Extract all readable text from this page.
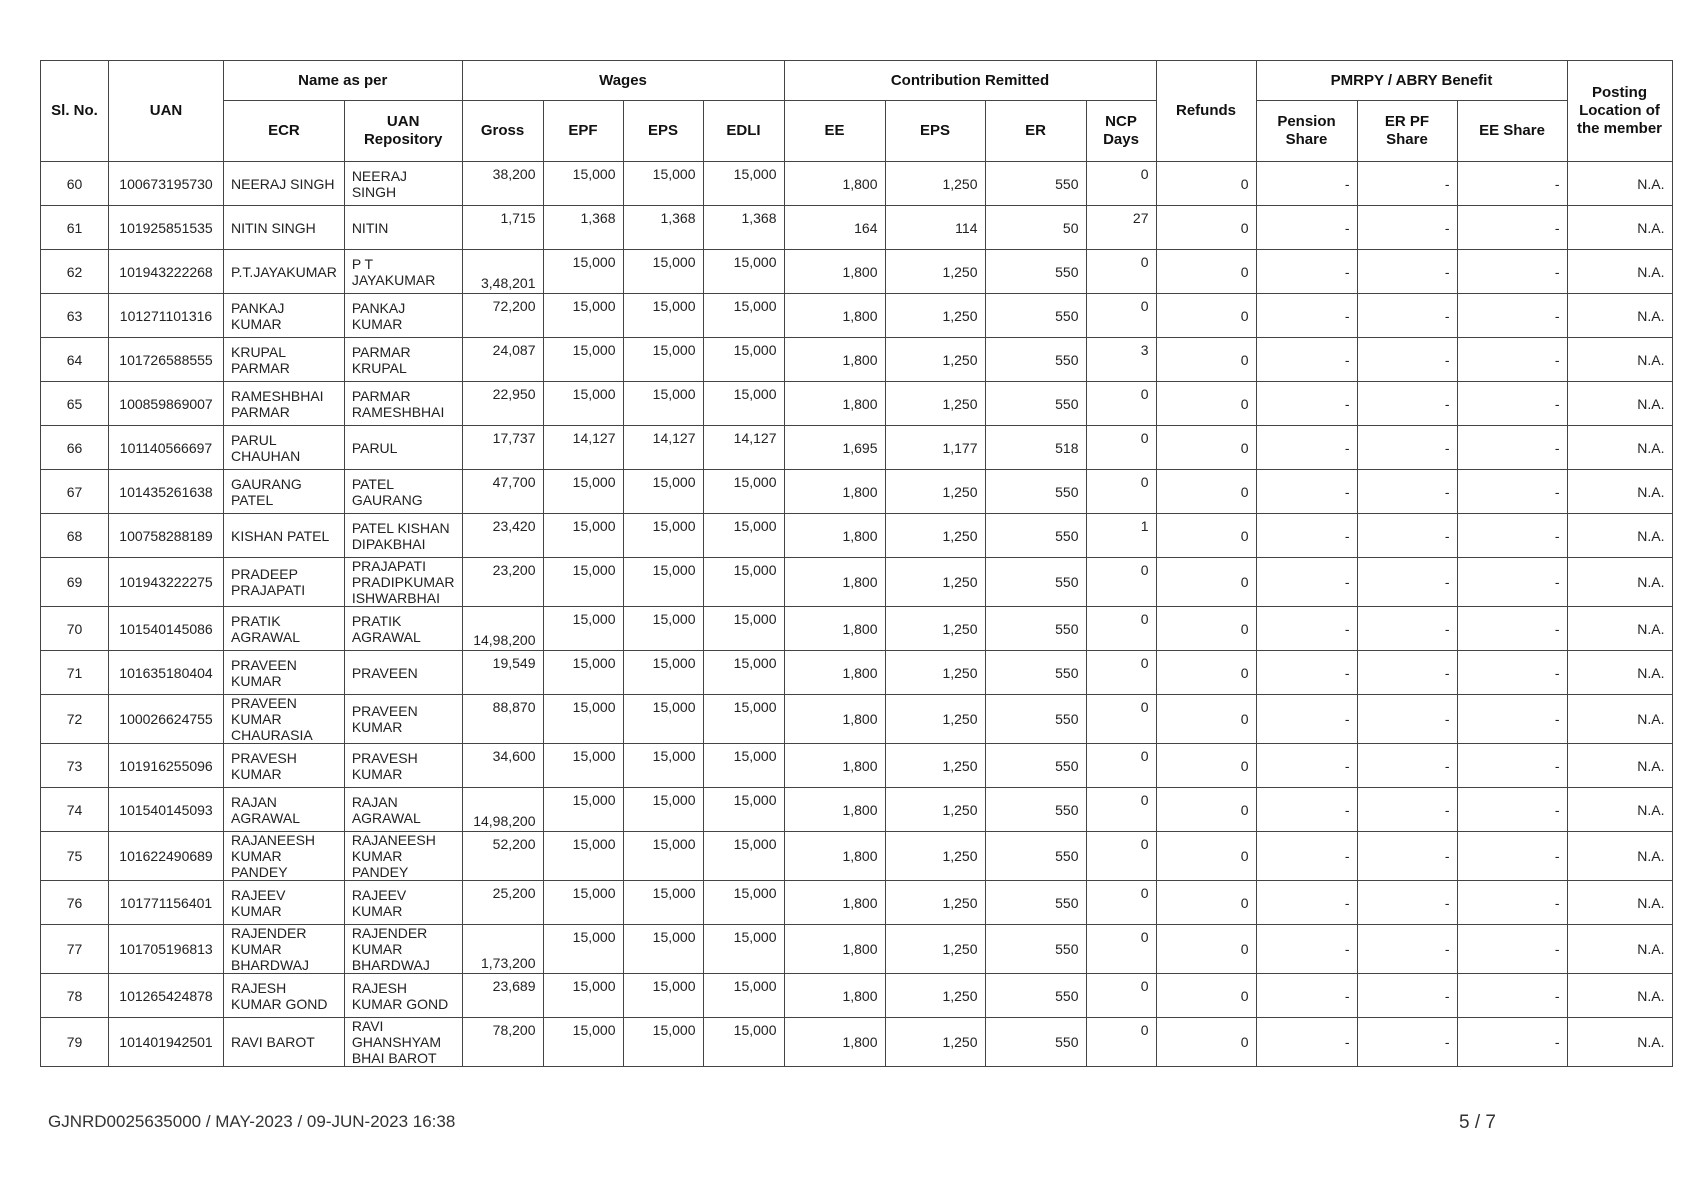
Sl. No.	UAN	Name as per		Wages				Contribution Remitted				Refunds	PMRPY / ABRY Benefit			Posting Location of the member
		ECR	UAN Repository	Gross	EPF	EPS	EDLI	EE	EPS	ER	NCP Days		Pension Share	ER PF Share	EE Share	
60	100673195730	NEERAJ SINGH	NEERAJ SINGH	38,200	15,000	15,000	15,000	1,800	1,250	550	0	0	-	-	-	N.A.
61	101925851535	NITIN SINGH	NITIN	1,715	1,368	1,368	1,368	164	114	50	27	0	-	-	-	N.A.
62	101943222268	P.T.JAYAKUMAR	P T JAYAKUMAR	3,48,201	15,000	15,000	15,000	1,800	1,250	550	0	0	-	-	-	N.A.
63	101271101316	PANKAJ KUMAR	PANKAJ KUMAR	72,200	15,000	15,000	15,000	1,800	1,250	550	0	0	-	-	-	N.A.
64	101726588555	KRUPAL PARMAR	PARMAR KRUPAL	24,087	15,000	15,000	15,000	1,800	1,250	550	3	0	-	-	-	N.A.
65	100859869007	RAMESHBHAI PARMAR	PARMAR RAMESHBHAI	22,950	15,000	15,000	15,000	1,800	1,250	550	0	0	-	-	-	N.A.
66	101140566697	PARUL CHAUHAN	PARUL	17,737	14,127	14,127	14,127	1,695	1,177	518	0	0	-	-	-	N.A.
67	101435261638	GAURANG PATEL	PATEL GAURANG	47,700	15,000	15,000	15,000	1,800	1,250	550	0	0	-	-	-	N.A.
68	100758288189	KISHAN PATEL	PATEL KISHAN DIPAKBHAI	23,420	15,000	15,000	15,000	1,800	1,250	550	1	0	-	-	-	N.A.
69	101943222275	PRADEEP PRAJAPATI	PRAJAPATI PRADIPKUMAR ISHWARBHAI	23,200	15,000	15,000	15,000	1,800	1,250	550	0	0	-	-	-	N.A.
70	101540145086	PRATIK AGRAWAL	PRATIK AGRAWAL	14,98,200	15,000	15,000	15,000	1,800	1,250	550	0	0	-	-	-	N.A.
71	101635180404	PRAVEEN KUMAR	PRAVEEN	19,549	15,000	15,000	15,000	1,800	1,250	550	0	0	-	-	-	N.A.
72	100026624755	PRAVEEN KUMAR CHAURASIA	PRAVEEN KUMAR	88,870	15,000	15,000	15,000	1,800	1,250	550	0	0	-	-	-	N.A.
73	101916255096	PRAVESH KUMAR	PRAVESH KUMAR	34,600	15,000	15,000	15,000	1,800	1,250	550	0	0	-	-	-	N.A.
74	101540145093	RAJAN AGRAWAL	RAJAN AGRAWAL	14,98,200	15,000	15,000	15,000	1,800	1,250	550	0	0	-	-	-	N.A.
75	101622490689	RAJANEESH KUMAR PANDEY	RAJANEESH KUMAR PANDEY	52,200	15,000	15,000	15,000	1,800	1,250	550	0	0	-	-	-	N.A.
76	101771156401	RAJEEV KUMAR	RAJEEV KUMAR	25,200	15,000	15,000	15,000	1,800	1,250	550	0	0	-	-	-	N.A.
77	101705196813	RAJENDER KUMAR BHARDWAJ	RAJENDER KUMAR BHARDWAJ	1,73,200	15,000	15,000	15,000	1,800	1,250	550	0	0	-	-	-	N.A.
78	101265424878	RAJESH KUMAR GOND	RAJESH KUMAR GOND	23,689	15,000	15,000	15,000	1,800	1,250	550	0	0	-	-	-	N.A.
79	101401942501	RAVI BAROT	RAVI GHANSHYAM BHAI BAROT	78,200	15,000	15,000	15,000	1,800	1,250	550	0	0	-	-	-	N.A.
GJNRD0025635000 / MAY-2023 / 09-JUN-2023 16:38	5 / 7
